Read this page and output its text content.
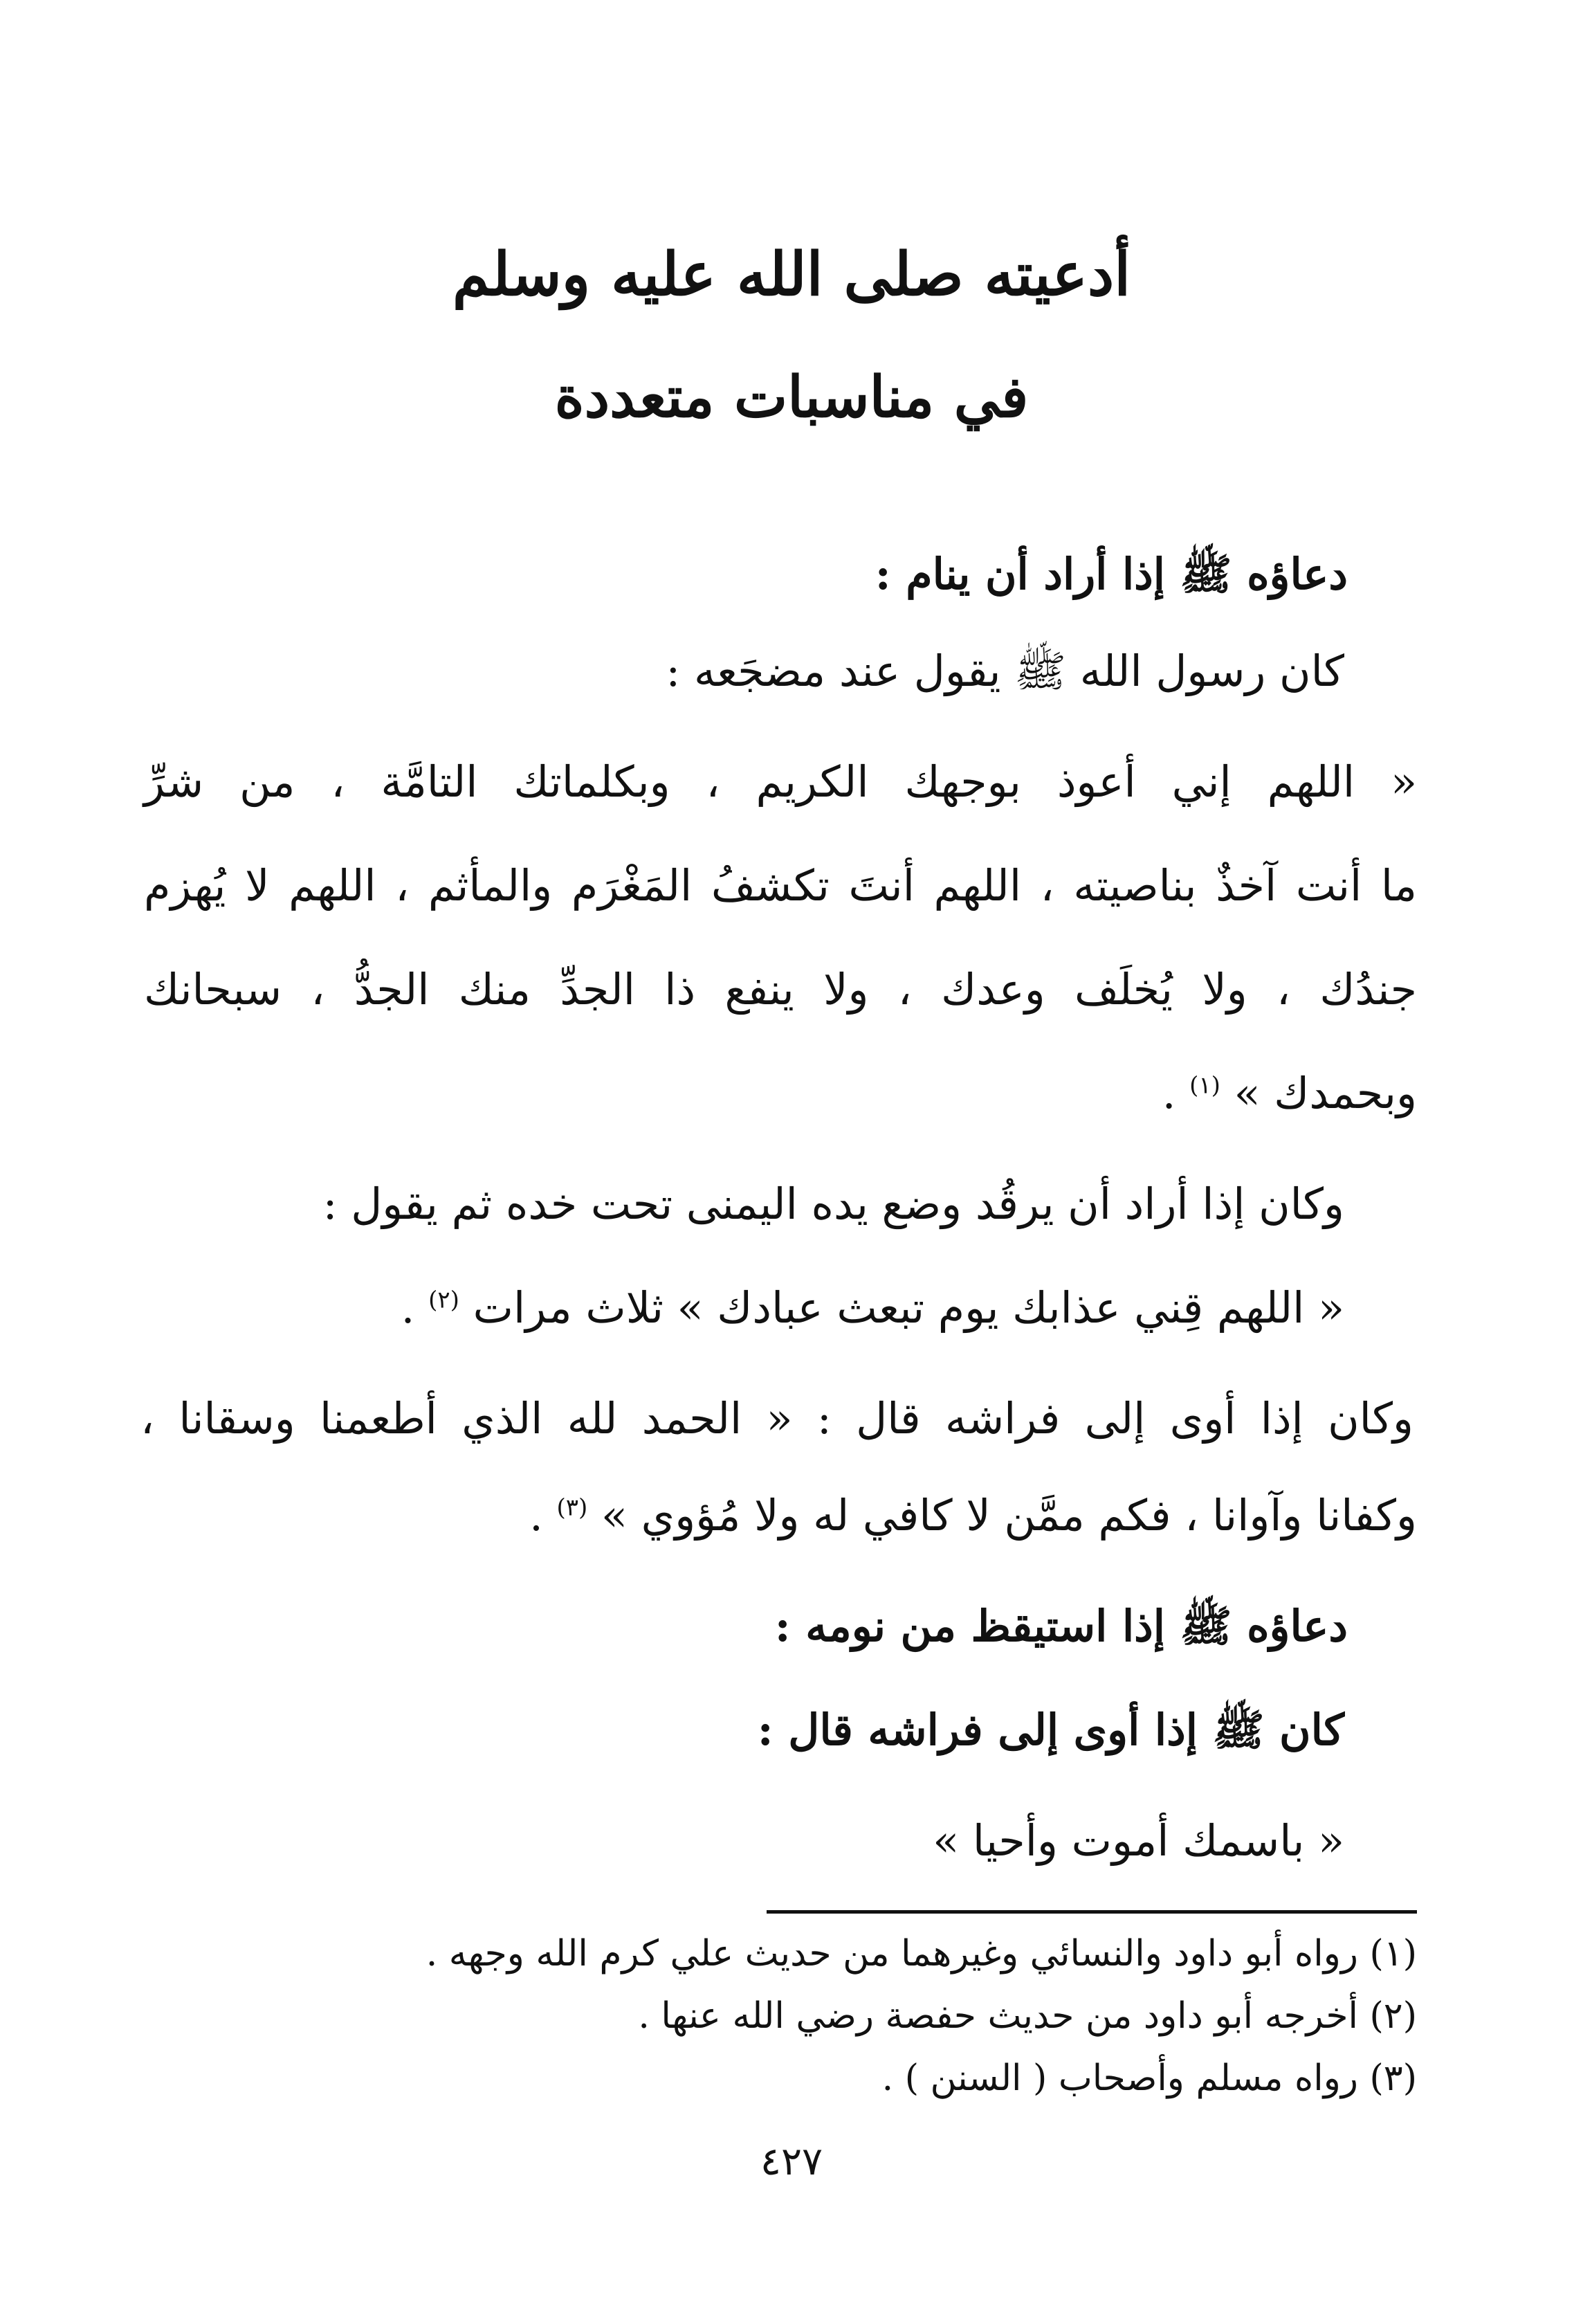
أدعيته صلى الله عليه وسلم
في مناسبات متعددة
دعاؤه ﷺ إذا أراد أن ينام :
كان رسول الله ﷺ يقول عند مضجَعه :
« اللهم إني أعوذ بوجهك الكريم ، وبكلماتك التامَّة ، من شرِّ
ما أنت آخذٌ بناصيته ، اللهم أنتَ تكشفُ المَغْرَم والمأثم ، اللهم لا يُهزم
جندُك ، ولا يُخلَف وعدك ، ولا ينفع ذا الجدِّ منك الجدُّ ، سبحانك
وبحمدك » $^{(١)}$ .
وكان إذا أراد أن يرقُد وضع يده اليمنى تحت خده ثم يقول :
« اللهم قِني عذابك يوم تبعث عبادك » ثلاث مرات $^{(٢)}$ .
وكان إذا أوى إلى فراشه قال : « الحمد لله الذي أطعمنا وسقانا ،
وكفانا وآوانا ، فكم ممَّن لا كافي له ولا مُؤوي » $^{(٣)}$ .
دعاؤه ﷺ إذا استيقظ من نومه :
كان ﷺ إذا أوى إلى فراشه قال :
« باسمك أموت وأحيا »
(١) رواه أبو داود والنسائي وغيرهما من حديث علي كرم الله وجهه .
(٢) أخرجه أبو داود من حديث حفصة رضي الله عنها .
(٣) رواه مسلم وأصحاب ( السنن ) .
٤٢٧
